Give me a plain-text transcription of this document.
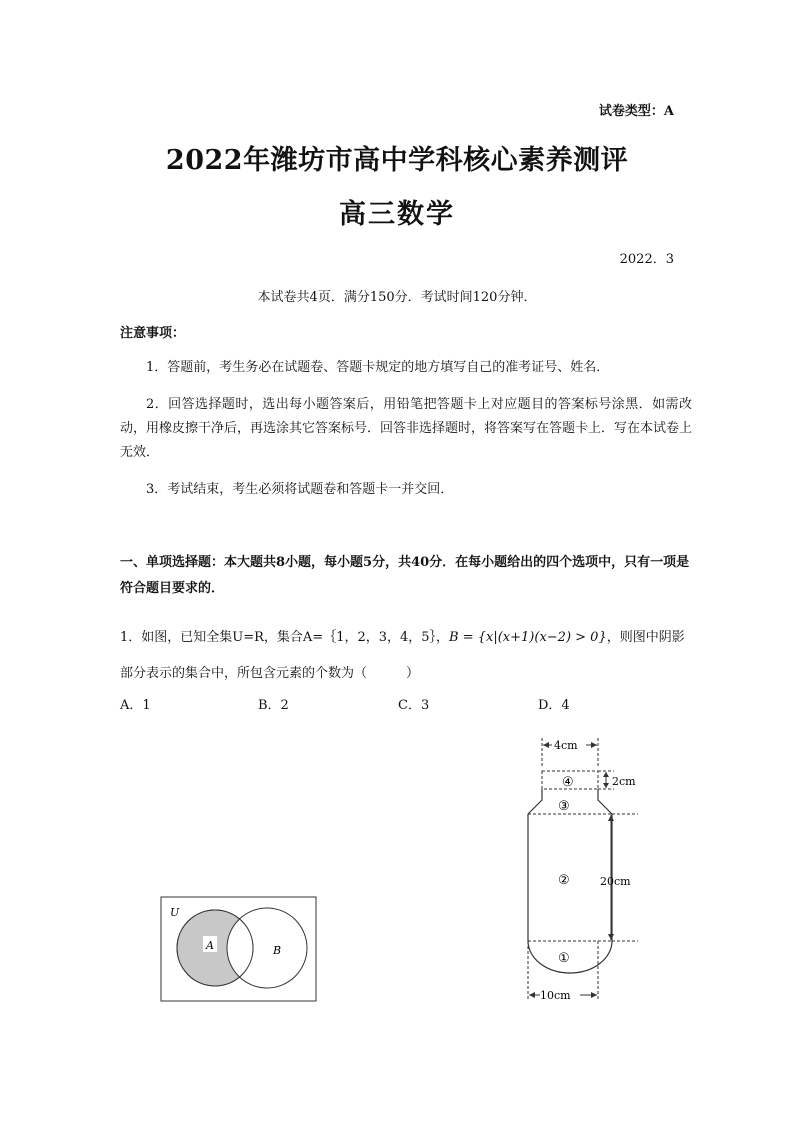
试卷类型：A
2022年潍坊市高中学科核心素养测评
高三数学
2022．3
本试卷共4页．满分150分．考试时间120分钟．
注意事项：
1．答题前，考生务必在试题卷、答题卡规定的地方填写自己的准考证号、姓名．
2．回答选择题时，选出每小题答案后，用铅笔把答题卡上对应题目的答案标号涂黑．如需改动，用橡皮擦干净后，再选涂其它答案标号．回答非选择题时，将答案写在答题卡上．写在本试卷上无效．
3．考试结束，考生必须将试题卷和答题卡一并交回．
一、单项选择题：本大题共8小题，每小题5分，共40分．在每小题给出的四个选项中，只有一项是符合题目要求的．
1．如图，已知全集U=R，集合A=｛1，2，3，4，5｝，B = {x|(x+1)(x−2) > 0}，则图中阴影部分表示的集合中，所包含元素的个数为（　　　）
A．1	B．2	C．3	D．4
U
A	B
4cm
④	2cm
③
②	20cm
①
10cm
